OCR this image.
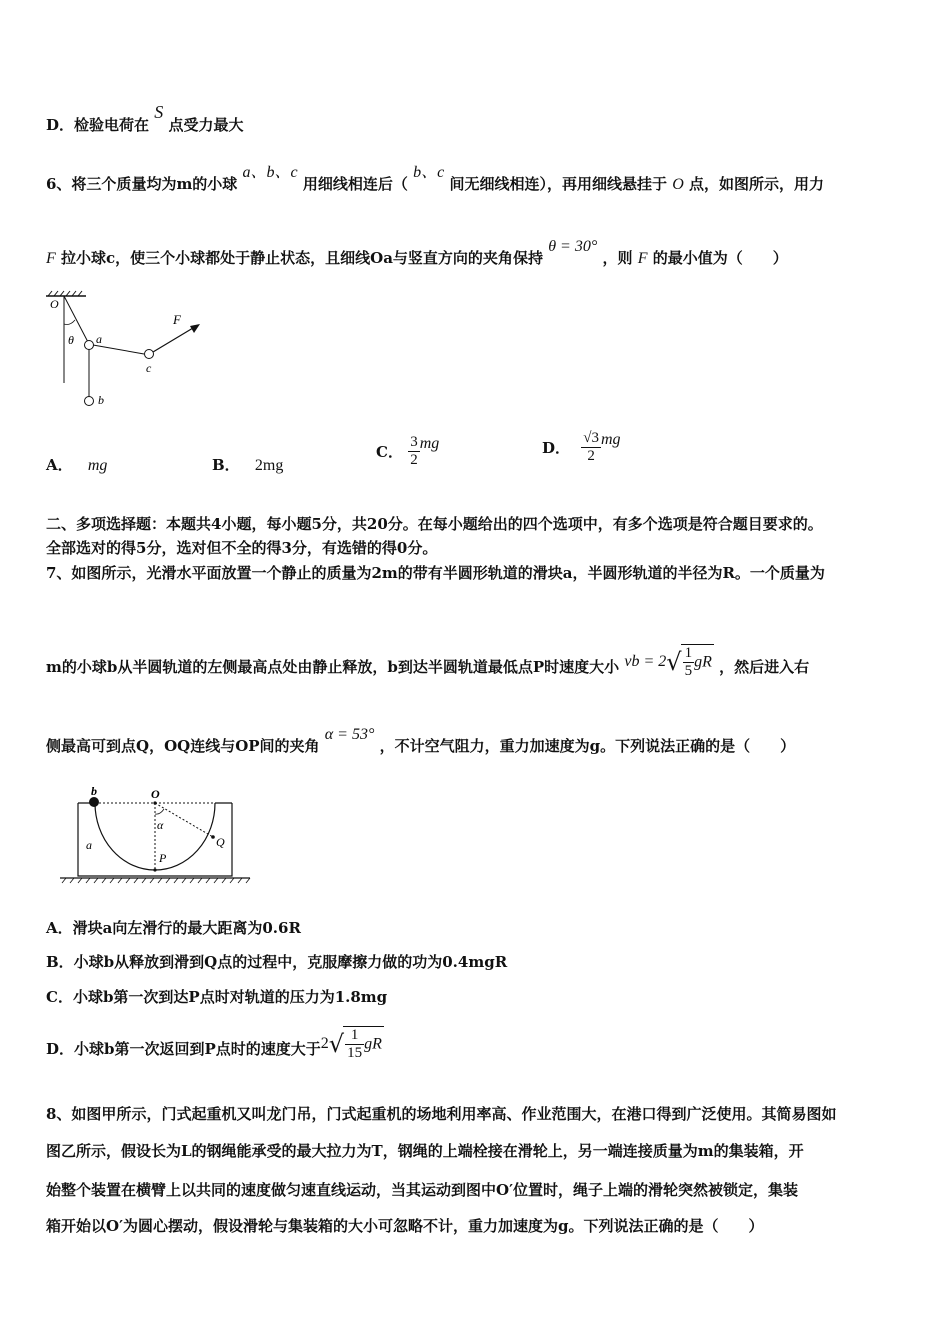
D．检验电荷在 S 点受力最大
6、将三个质量均为m的小球 a、b、c 用细线相连后（ b、c 间无细线相连），再用细线悬挂于 O 点，如图所示，用力
F 拉小球c，使三个小球都处于静止状态，且细线Oa与竖直方向的夹角保持 θ = 30° ，则 F 的最小值为（　　）
O
θ a
b
c
F
A． mg	B． 2mg
C． $\frac{3}{2}$ mg	D． $\frac{√3}{2}$ mg
二、多项选择题：本题共4小题，每小题5分，共20分。在每小题给出的四个选项中，有多个选项是符合题目要求的。
全部选对的得5分，选对但不全的得3分，有选错的得0分。
7、如图所示，光滑水平面放置一个静止的质量为2m的带有半圆形轨道的滑块a，半圆形轨道的半径为R。一个质量为
m的小球b从半圆轨道的左侧最高点处由静止释放，b到达半圆轨道最低点P时速度大小 vb = $2√ \frac{1}{5}$ gR ，然后进入右
侧最高可到点Q，OQ连线与OP间的夹角 α = 53° ，不计空气阻力，重力加速度为g。下列说法正确的是（　　）
b	O
α
a
P
Q
A．滑块a向左滑行的最大距离为0.6R
B．小球b从释放到滑到Q点的过程中，克服摩擦力做的功为0.4mgR
C．小球b第一次到达P点时对轨道的压力为1.8mg
D．小球b第一次返回到P点时的速度大于$2√ \frac{1}{15}$ gR
8、如图甲所示，门式起重机又叫龙门吊，门式起重机的场地利用率高、作业范围大，在港口得到广泛使用。其简易图如
图乙所示，假设长为L的钢绳能承受的最大拉力为T，钢绳的上端栓接在滑轮上，另一端连接质量为m的集装箱，开
始整个装置在横臂上以共同的速度做匀速直线运动，当其运动到图中O′位置时，绳子上端的滑轮突然被锁定，集装
箱开始以O′为圆心摆动，假设滑轮与集装箱的大小可忽略不计，重力加速度为g。下列说法正确的是（　　）
